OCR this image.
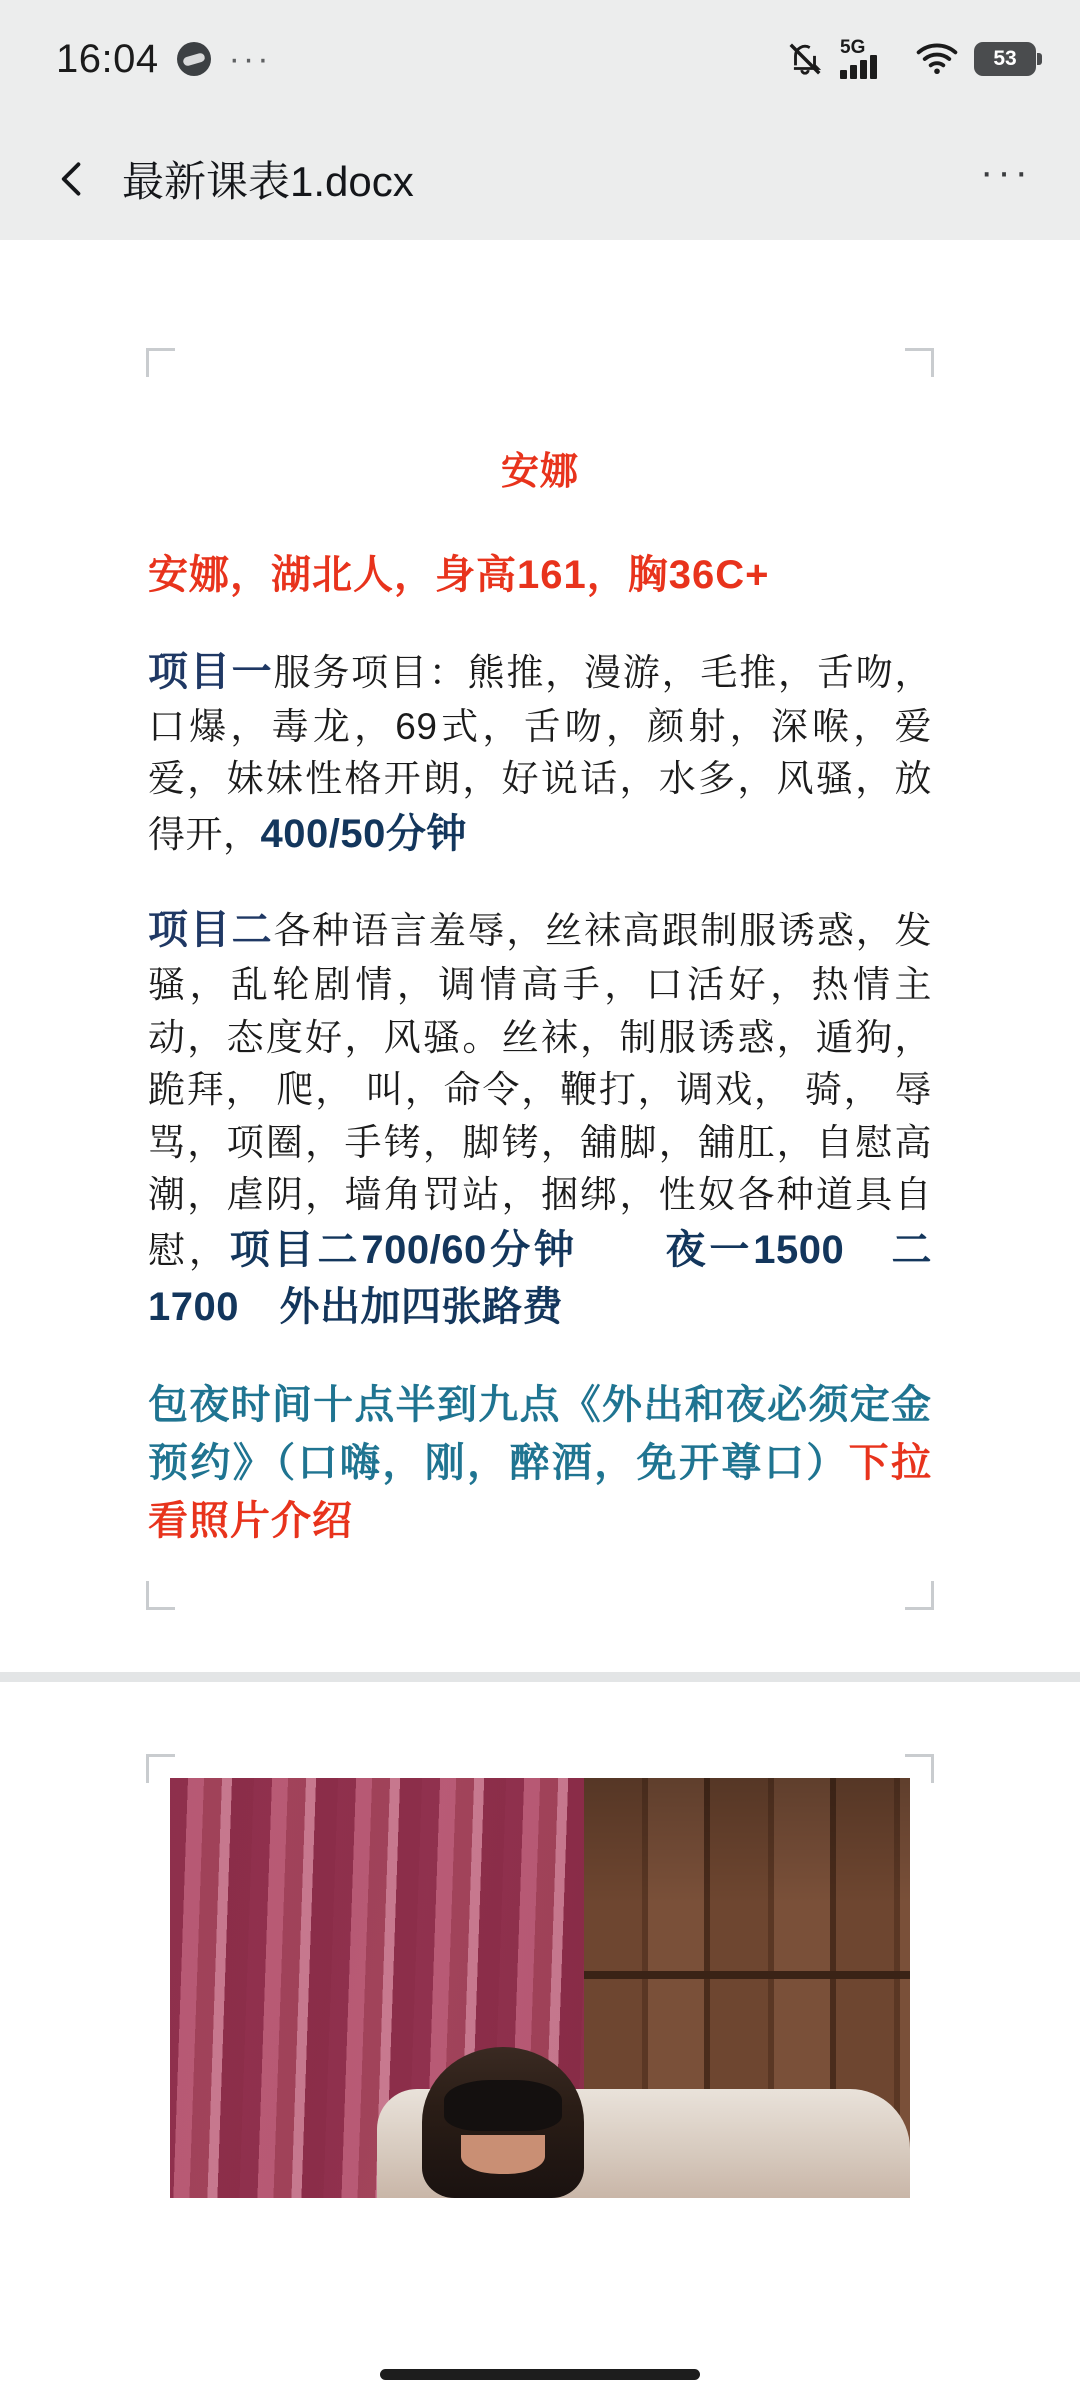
16:04 ···	5G	53
最新课表1.docx	···
安娜
安娜，湖北人，身高161，胸36C+
项目一服务项目：熊推，漫游，毛推，舌吻，口爆，毒龙，69式，舌吻，颜射，深喉，爱爱，妹妹性格开朗，好说话，水多，风骚，放得开，400/50分钟
项目二各种语言羞辱，丝袜高跟制服诱惑，发骚，乱轮剧情，调情高手，口活好，热情主动，态度好，风骚。丝袜，制服诱惑，遁狗，跪拜， 爬， 叫，命令，鞭打，调戏， 骑， 辱骂，项圈，手铐，脚铐，舖脚，舖肛，自慰高潮，虐阴，墙角罚站，捆绑，性奴各种道具自慰，项目二700/60分钟　　夜一1500　二1700　外出加四张路费
包夜时间十点半到九点《外出和夜必须定金预约》（口嗨，刚，醉酒，免开尊口）下拉看照片介绍
